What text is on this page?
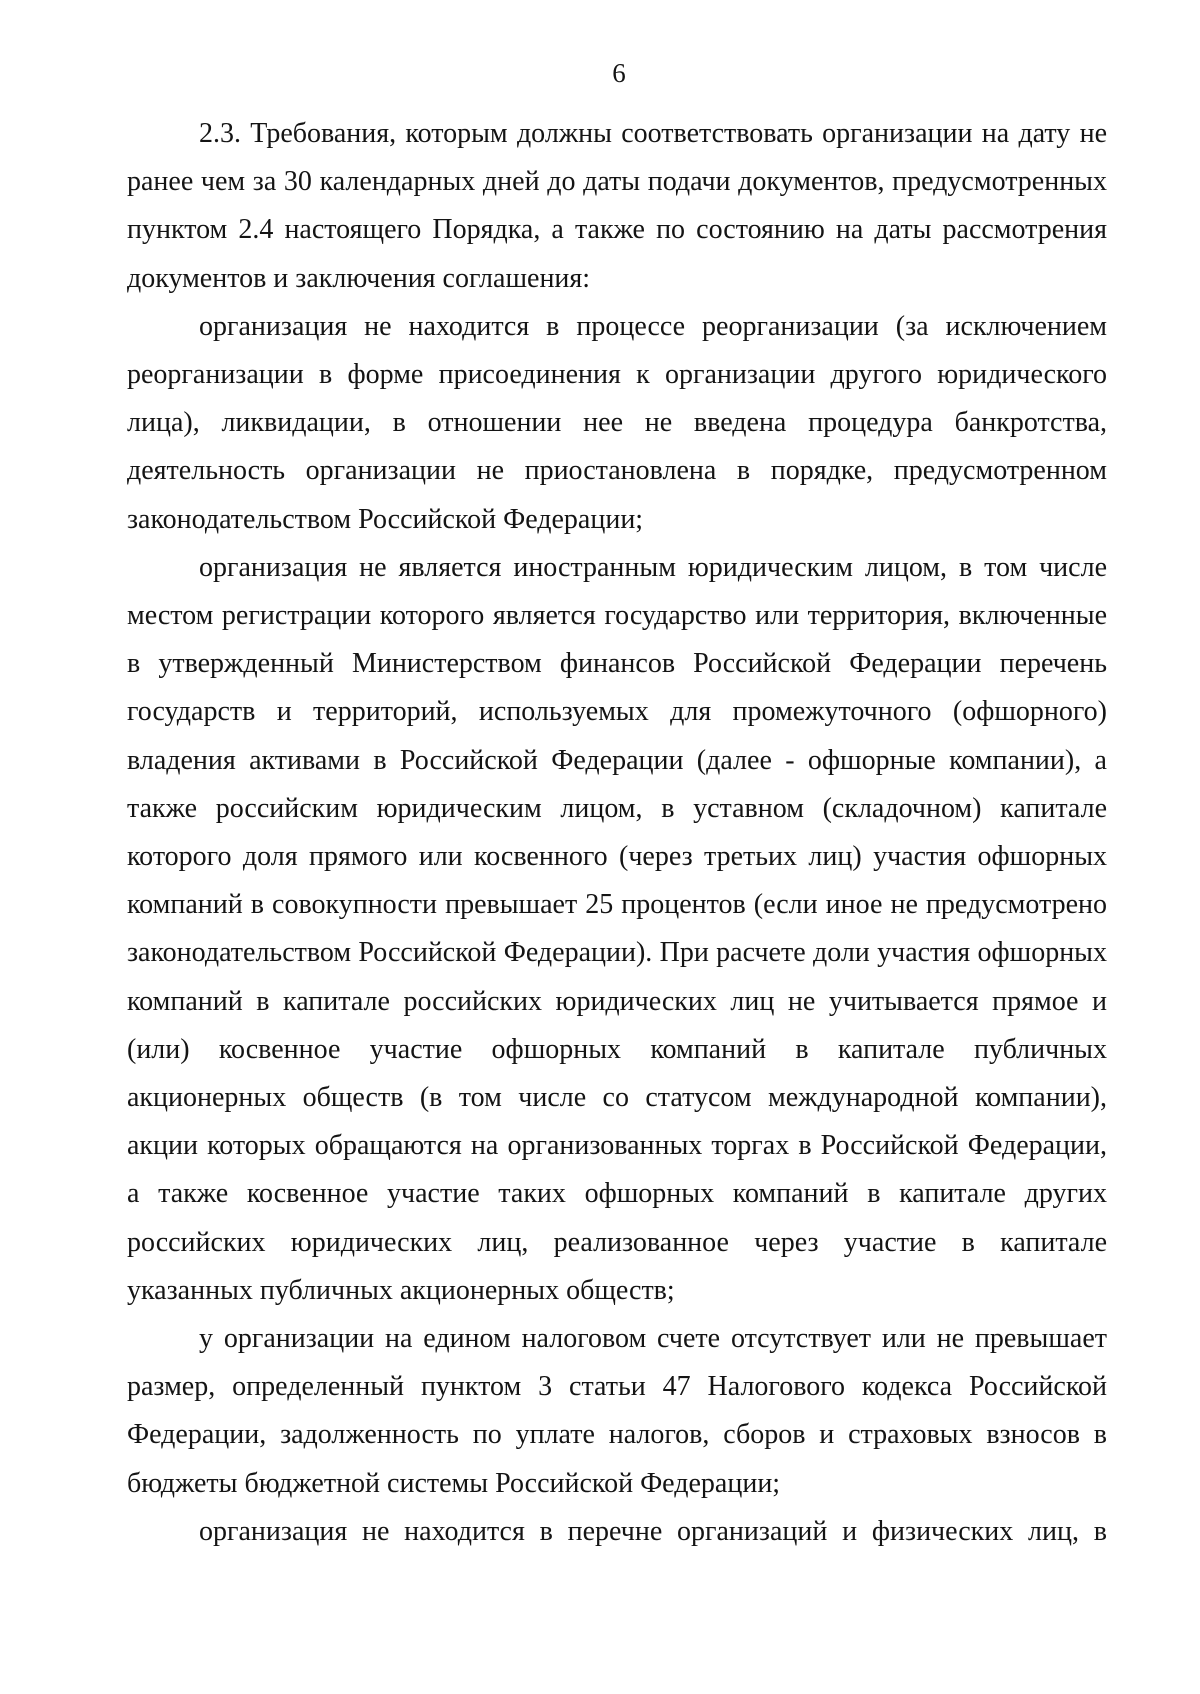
6

2.3. Требования, которым должны соответствовать организации на дату не ранее чем за 30 календарных дней до даты подачи документов, предусмотренных пунктом 2.4 настоящего Порядка, а также по состоянию на даты рассмотрения документов и заключения соглашения:

организация не находится в процессе реорганизации (за исключением реорганизации в форме присоединения к организации другого юридического лица), ликвидации, в отношении нее не введена процедура банкротства, деятельность организации не приостановлена в порядке, предусмотренном законодательством Российской Федерации;

организация не является иностранным юридическим лицом, в том числе местом регистрации которого является государство или территория, включенные в утвержденный Министерством финансов Российской Федерации перечень государств и территорий, используемых для промежуточного (офшорного) владения активами в Российской Федерации (далее - офшорные компании), а также российским юридическим лицом, в уставном (складочном) капитале которого доля прямого или косвенного (через третьих лиц) участия офшорных компаний в совокупности превышает 25 процентов (если иное не предусмотрено законодательством Российской Федерации). При расчете доли участия офшорных компаний в капитале российских юридических лиц не учитывается прямое и (или) косвенное участие офшорных компаний в капитале публичных акционерных обществ (в том числе со статусом международной компании), акции которых обращаются на организованных торгах в Российской Федерации, а также косвенное участие таких офшорных компаний в капитале других российских юридических лиц, реализованное через участие в капитале указанных публичных акционерных обществ;

у организации на едином налоговом счете отсутствует или не превышает размер, определенный пунктом 3 статьи 47 Налогового кодекса Российской Федерации, задолженность по уплате налогов, сборов и страховых взносов в бюджеты бюджетной системы Российской Федерации;

организация не находится в перечне организаций и физических лиц, в
